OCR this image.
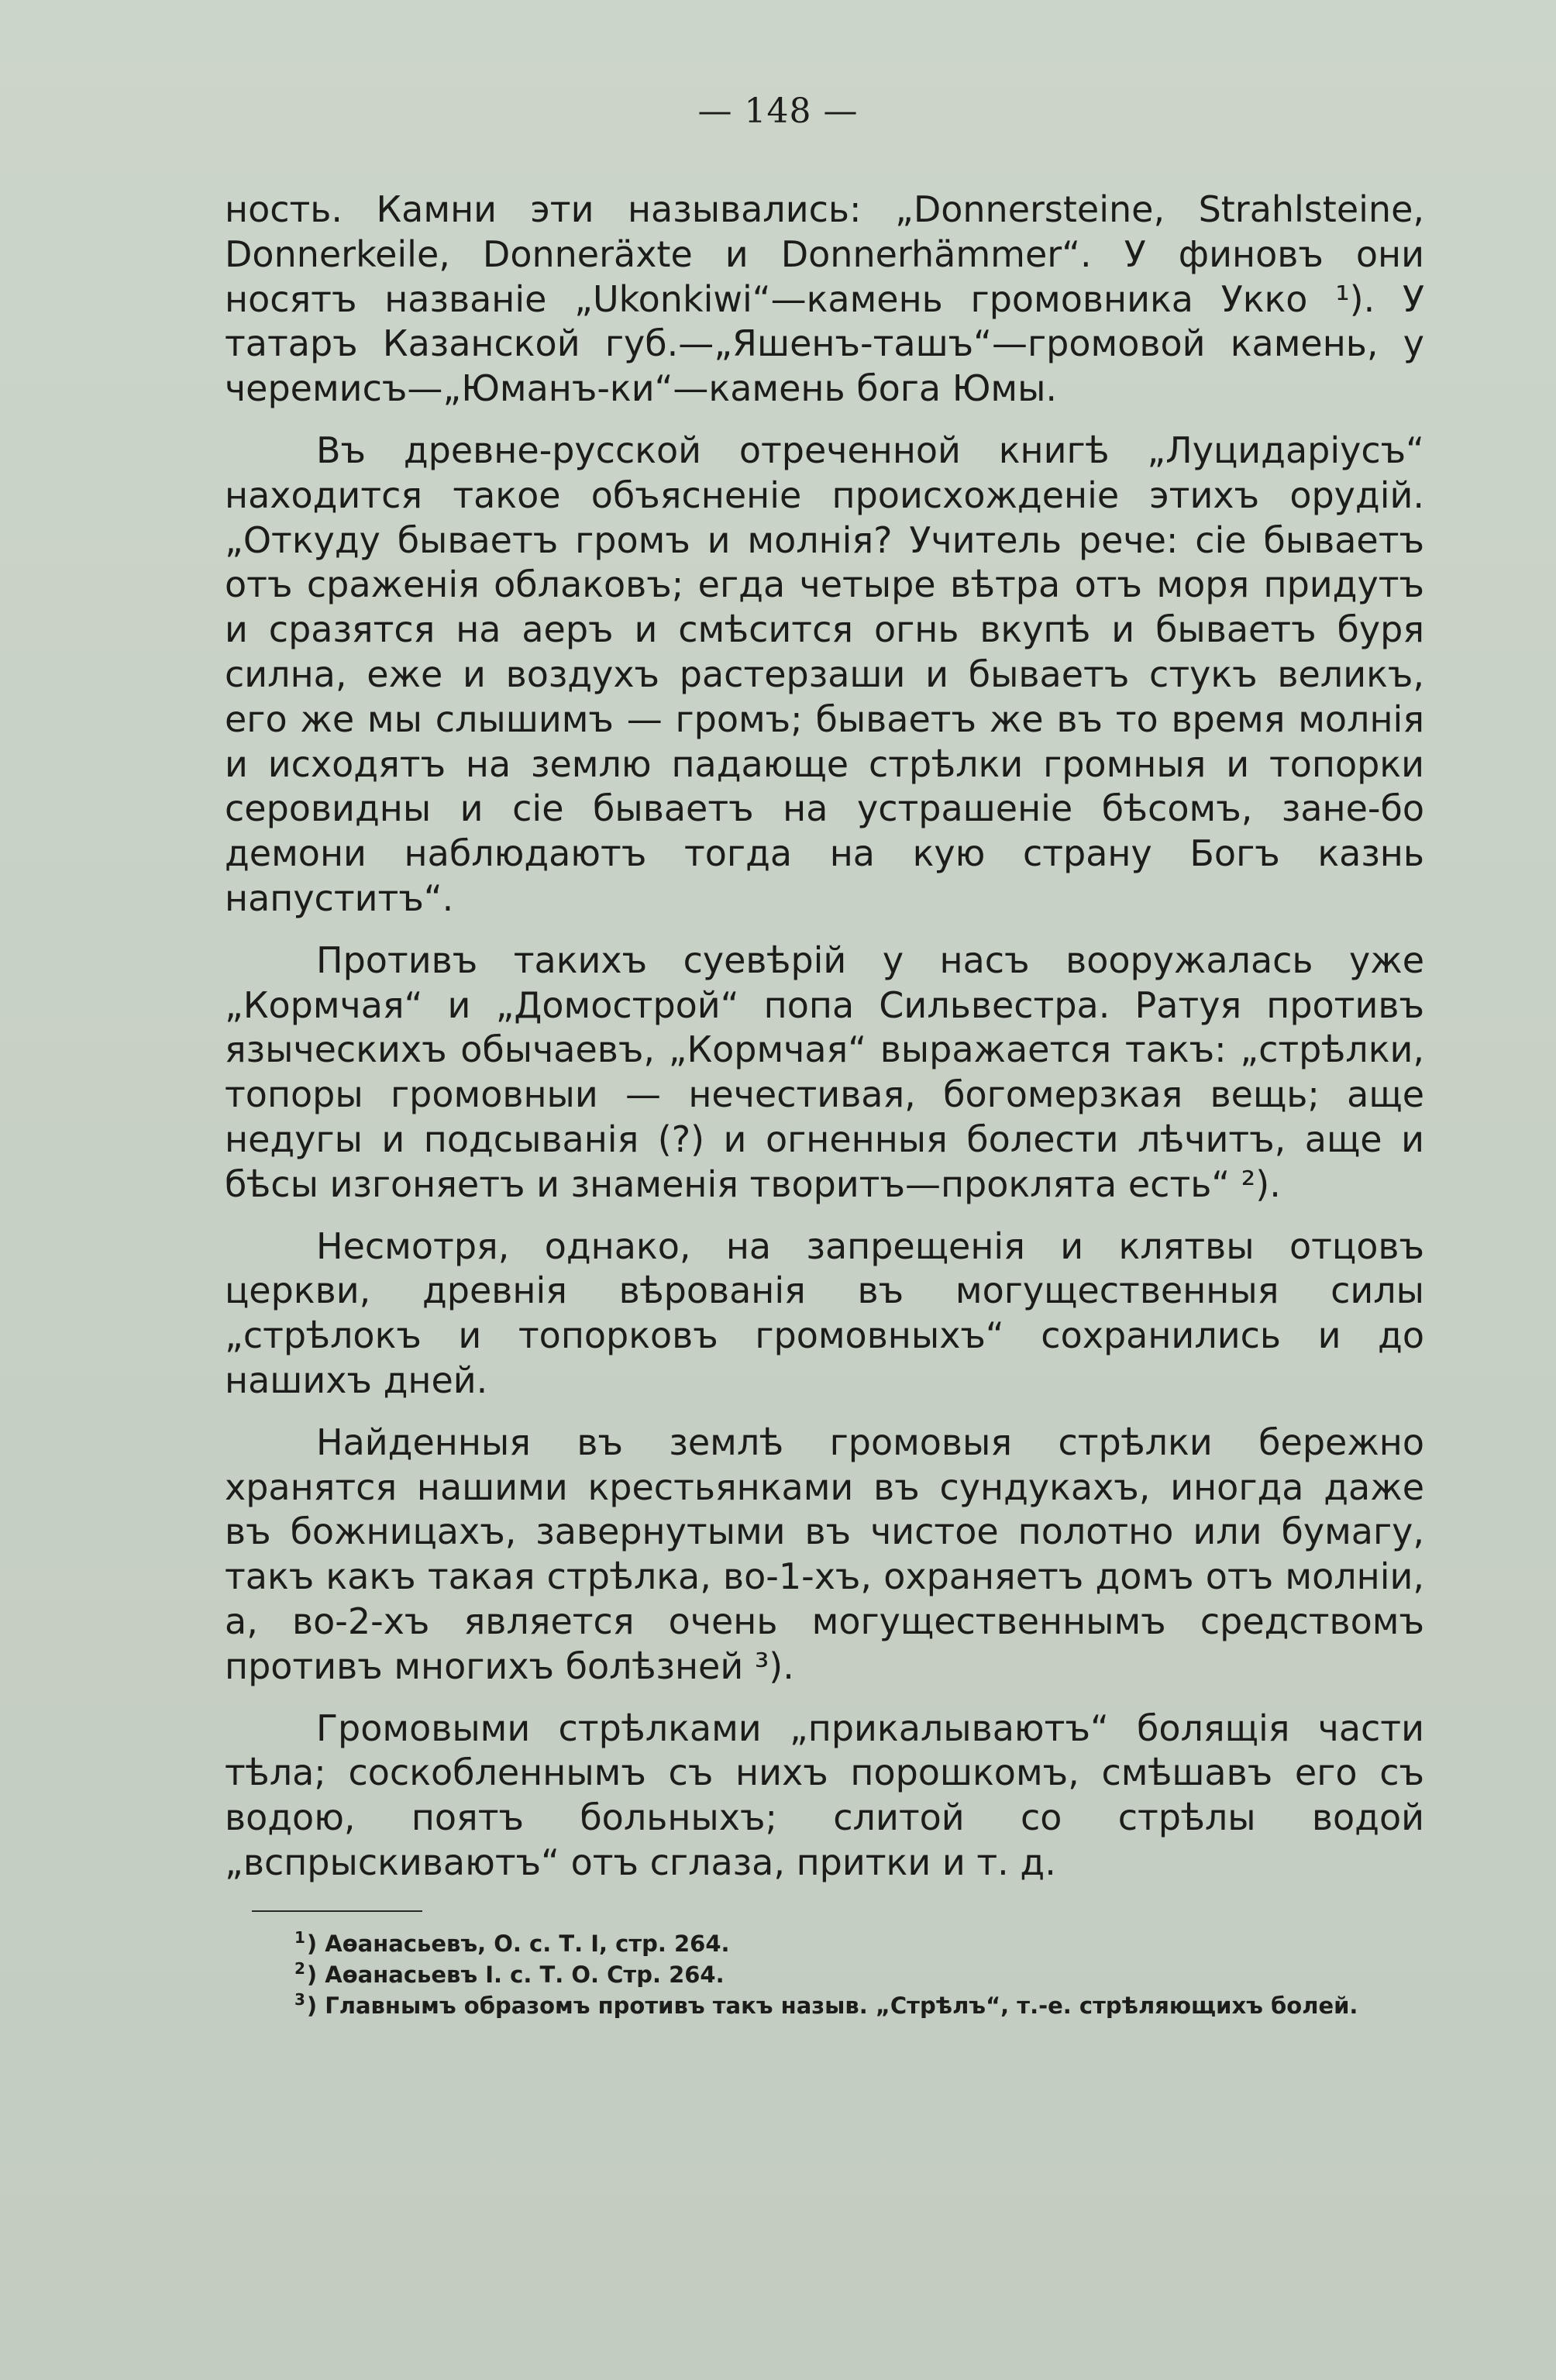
— 148 —

ность. Камни эти назывались: „Donnersteine, Strahlsteine, Donnerkeile, Donneräxte и Donnerhämmer“. У финовъ они носятъ названіе „Ukonkiwi“—камень громовника Укко ¹). У татаръ Казанской губ.—„Яшенъ-ташъ“—громовой камень, у черемисъ—„Юманъ-ки“—камень бога Юмы.

Въ древне-русской отреченной книгѣ „Луцидаріусъ“ находится такое объясненіе происхожденіе этихъ орудій. „Откуду бываетъ громъ и молнія? Учитель рече: сіе бываетъ отъ сраженія облаковъ; егда четыре вѣтра отъ моря придутъ и сразятся на аеръ и смѣсится огнь вкупѣ и бываетъ буря силна, еже и воздухъ растерзаши и бываетъ стукъ великъ, его же мы слышимъ — громъ; бываетъ же въ то время молнія и исходятъ на землю падающе стрѣлки громныя и топорки серовидны и сіе бываетъ на устрашеніе бѣсомъ, зане-бо демони наблюдаютъ тогда на кую страну Богъ казнь напуститъ“.

Противъ такихъ суевѣрій у насъ вооружалась уже „Кормчая“ и „Домострой“ попа Сильвестра. Ратуя противъ языческихъ обычаевъ, „Кормчая“ выражается такъ: „стрѣлки, топоры громовныи — нечестивая, богомерзкая вещь; аще недугы и подсыванія (?) и огненныя болести лѣчитъ, аще и бѣсы изгоняетъ и знаменія творитъ—проклята есть“ ²).

Несмотря, однако, на запрещенія и клятвы отцовъ церкви, древнія вѣрованія въ могущественныя силы „стрѣлокъ и топорковъ громовныхъ“ сохранились и до нашихъ дней.

Найденныя въ землѣ громовыя стрѣлки бережно хранятся нашими крестьянками въ сундукахъ, иногда даже въ божницахъ, завернутыми въ чистое полотно или бумагу, такъ какъ такая стрѣлка, во-1-хъ, охраняетъ домъ отъ молніи, а, во-2-хъ является очень могущественнымъ средствомъ противъ многихъ болѣзней ³).

Громовыми стрѣлками „прикалываютъ“ болящія части тѣла; соскобленнымъ съ нихъ порошкомъ, смѣшавъ его съ водою, поятъ больныхъ; слитой со стрѣлы водой „вспрыскиваютъ“ отъ сглаза, притки и т. д.

$^1$) Аѳанасьевъ, О. с. Т. I, стр. 264.

$^2$) Аѳанасьевъ I. с. Т. О. Стр. 264.

$^3$) Главнымъ образомъ противъ такъ назыв. „Стрѣлъ“, т.-е. стрѣляющихъ болей.
